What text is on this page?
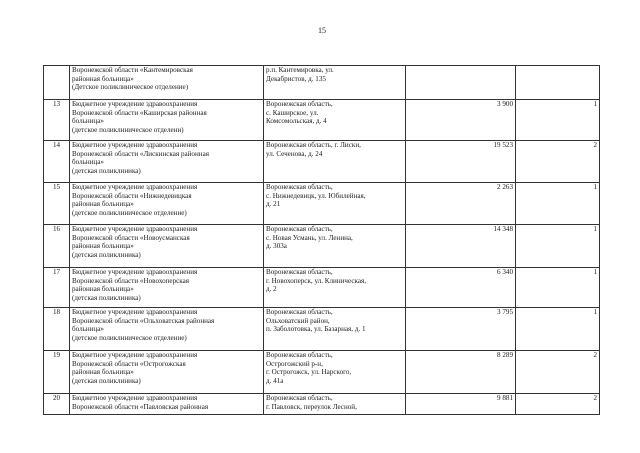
15

	Воронежской области «Кантемировская
районная больница»
(Детское поликлиническое отделение)	р.п. Кантемировка, ул.
Декабристов, д. 135		

13	Бюджетное учреждение здравоохранения
Воронежской области «Каширская районная
больница»
(детское поликлиническое отделени)	Воронежская область,
с. Каширское, ул.
Комсомольская, д. 4	3 900	1
14	Бюджетное учреждение здравоохранения
Воронежской области «Лискинская районная
больница»
(детская поликлиника)	Воронежская область, г. Лиски,
ул. Сеченова, д. 24	19 523	2
15	Бюджетное учреждение здравоохранения
Воронежской области «Нижнедевицкая
районная больница»
(детское поликлиническое отделение)	Воронежская область,
с. Нижнедевицк, ул. Юбилейная,
д. 21	2 263	1
16	Бюджетное учреждение здравоохранения
Воронежской области «Новоусманская
районная больница»
(детская поликлиника)	Воронежская область,
с. Новая Усмань, ул. Ленина,
д. 303а	14 348	1
17	Бюджетное учреждение здравоохранения
Воронежской области «Новохоперская
районная больница»
(детская поликлиника)	Воронежская область,
г. Новохоперск, ул. Клиническая,
д. 2	6 340	1
18	Бюджетное учреждение здравоохранения
Воронежской области «Ольховатская районная
больница»
(детское поликлиническое отделение)	Воронежская область,
Ольховатский район,
п. Заболотовка, ул. Базарная, д. 1	3 795	1
19	Бюджетное учреждение здравоохранения
Воронежской области «Острогожская
районная больница»
(детская поликлиника)	Воронежская область,
Острогожский р-н,
г. Острогожск, ул. Нарского,
д. 41а	8 289	2
20	Бюджетное учреждение здравоохранения
Воронежской области «Павловская районная	Воронежская область,
г. Павловск, переулок Лесной,	9 881	2
